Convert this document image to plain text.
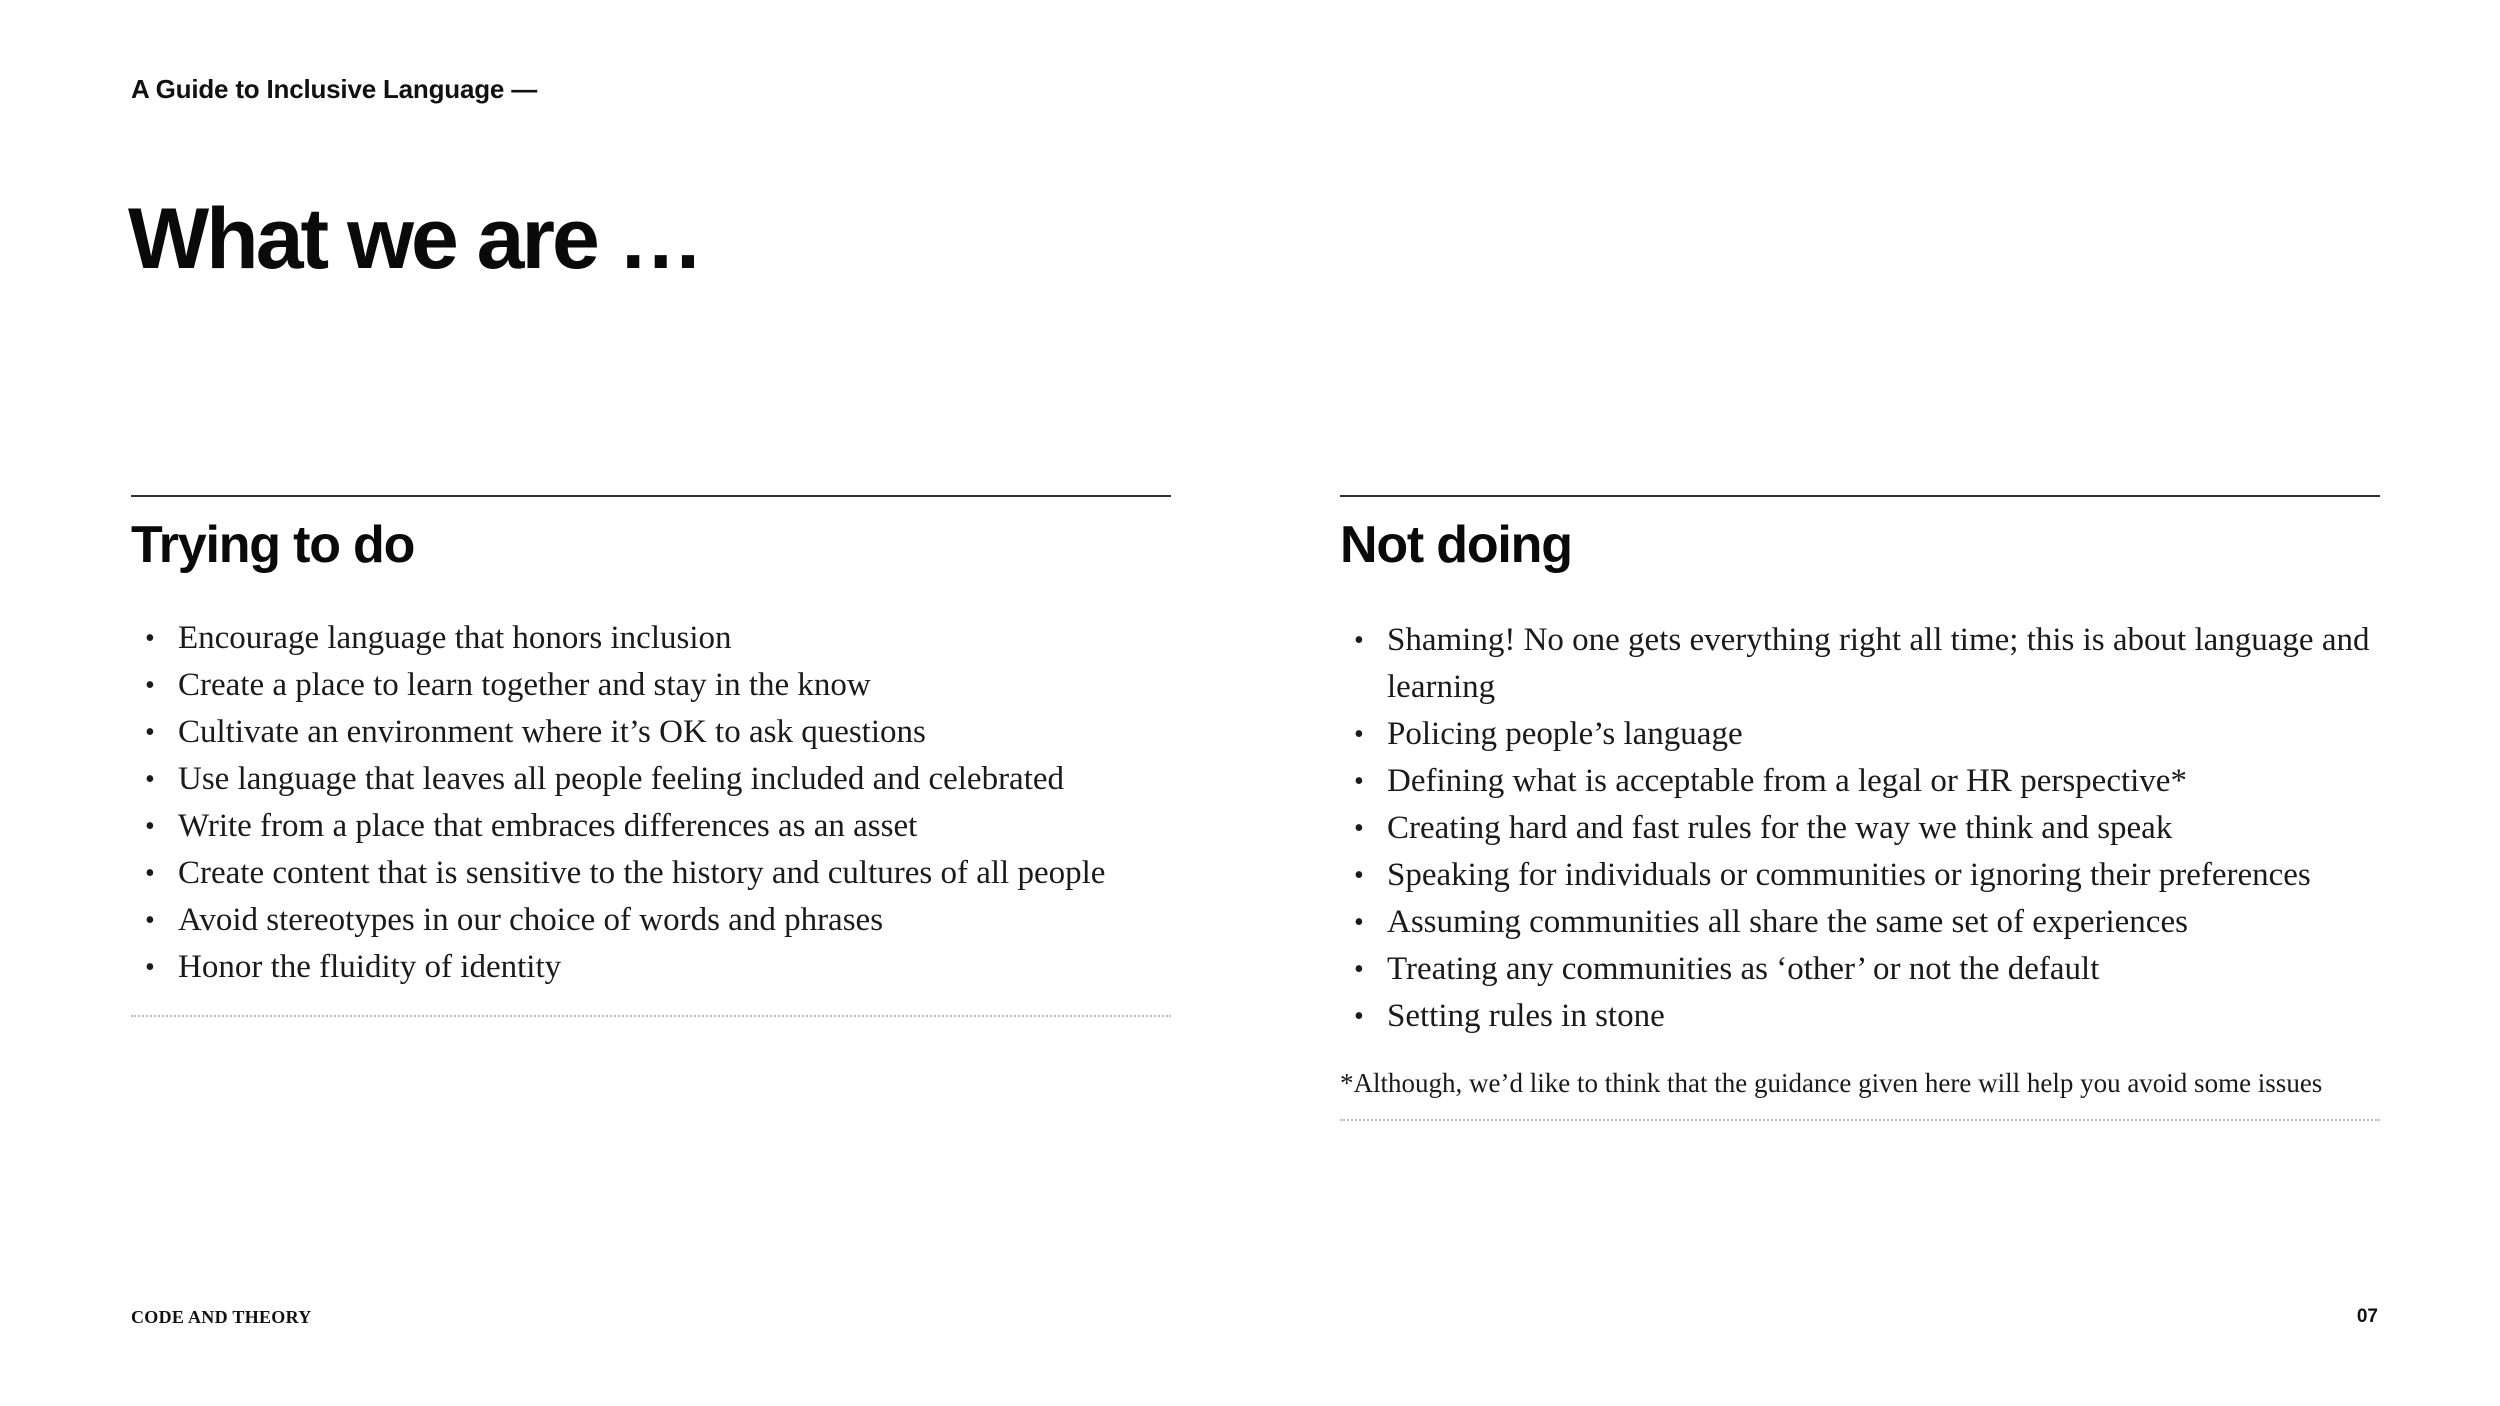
A Guide to Inclusive Language —
What we are …
Trying to do
• Encourage language that honors inclusion
• Create a place to learn together and stay in the know
• Cultivate an environment where it’s OK to ask questions
• Use language that leaves all people feeling included and celebrated
• Write from a place that embraces differences as an asset
• Create content that is sensitive to the history and cultures of all people
• Avoid stereotypes in our choice of words and phrases
• Honor the fluidity of identity
Not doing
• Shaming! No one gets everything right all time; this is about language and learning
• Policing people’s language
• Defining what is acceptable from a legal or HR perspective*
• Creating hard and fast rules for the way we think and speak
• Speaking for individuals or communities or ignoring their preferences
• Assuming communities all share the same set of experiences
• Treating any communities as ‘other’ or not the default
• Setting rules in stone
*Although, we’d like to think that the guidance given here will help you avoid some issues
CODE AND THEORY	07
